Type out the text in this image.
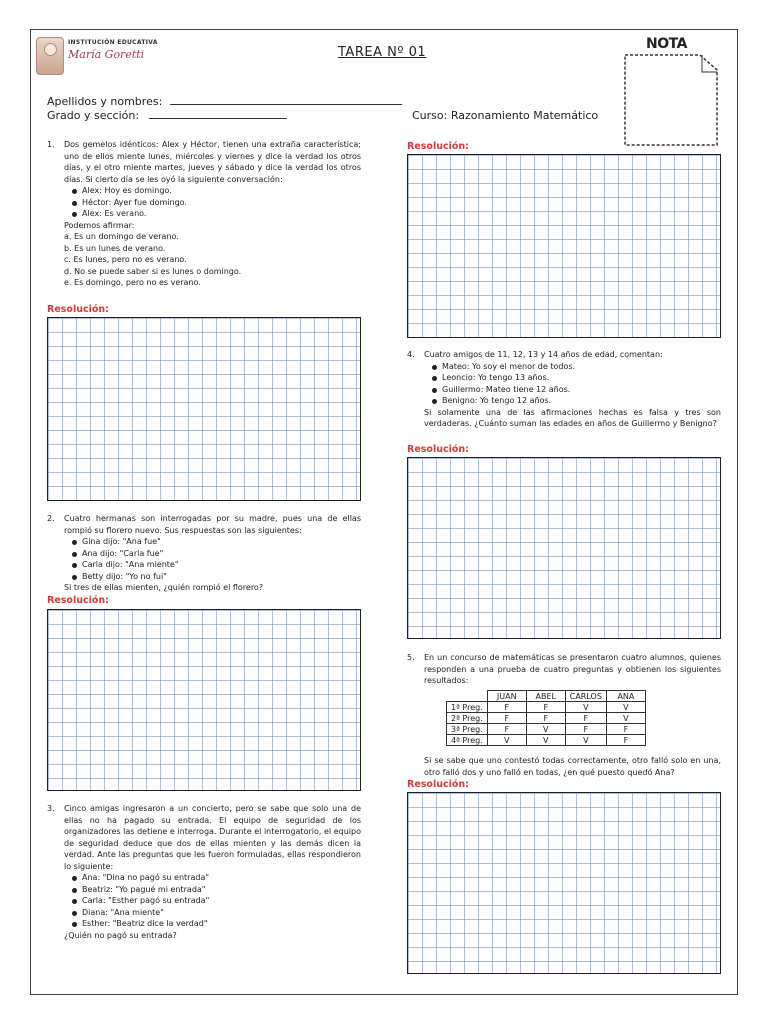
INSTITUCIÓN EDUCATIVA
María Goretti	TAREA Nº 01
NOTA
Apellidos y nombres:
Grado y sección:	Curso: Razonamiento Matemático
1. Dos gemelos idénticos: Alex y Héctor, tienen una extraña característica; uno de ellos miente lunes, miércoles y viernes y dice la verdad los otros días, y el otro miente martes, jueves y sábado y dice la verdad los otros días. Si cierto día se les oyó la siguiente conversación:

Alex: Hoy es domingo.
Héctor: Ayer fue domingo.
Alex: Es verano.

Podemos afirmar:

a. Es un domingo de verano.

b. Es un lunes de verano.

c. Es lunes, pero no es verano.

d. No se puede saber si es lunes o domingo.

e. Es domingo, pero no es verano.

Resolución:
2. Cuatro hermanas son interrogadas por su madre, pues una de ellas rompió su florero nuevo. Sus respuestas son las siguientes:

Gina dijo: "Ana fue"
Ana dijo: "Carla fue"
Carla dijo: "Ana miente"
Betty dijo: "Yo no fui"

Si tres de ellas mienten, ¿quién rompió el florero?

Resolución:
3. Cinco amigas ingresaron a un concierto, pero se sabe que solo una de ellas no ha pagado su entrada. El equipo de seguridad de los organizadores las detiene e interroga. Durante el interrogatorio, el equipo de seguridad deduce que dos de ellas mienten y las demás dicen la verdad. Ante las preguntas que les fueron formuladas, ellas respondieron lo siguiente:

Ana: "Dina no pagó su entrada"
Beatriz: "Yo pagué mi entrada"
Carla: "Esther pagó su entrada"
Diana: "Ana miente"
Esther: "Beatriz dice la verdad"

¿Quién no pagó su entrada?

Resolución:
4. Cuatro amigos de 11, 12, 13 y 14 años de edad, comentan:

Mateo: Yo soy el menor de todos.
Leoncio: Yo tengo 13 años.
Guillermo: Mateo tiene 12 años.
Benigno: Yo tengo 12 años.

Si solamente una de las afirmaciones hechas es falsa y tres son verdaderas. ¿Cuánto suman las edades en años de Guillermo y Benigno?

Resolución:
5. En un concurso de matemáticas se presentaron cuatro alumnos, quienes responden a una prueba de cuatro preguntas y obtienen los siguientes resultados:

	JUAN	ABEL	CARLOS	ANA
1ª Preg.	F	F	V	V
2ª Preg.	F	F	F	V
3ª Preg.	F	V	F	F
4ª Preg.	V	V	V	F

Si se sabe que uno contestó todas correctamente, otro falló solo en una, otro falló dos y uno falló en todas, ¿en qué puesto quedó Ana?

Resolución:
